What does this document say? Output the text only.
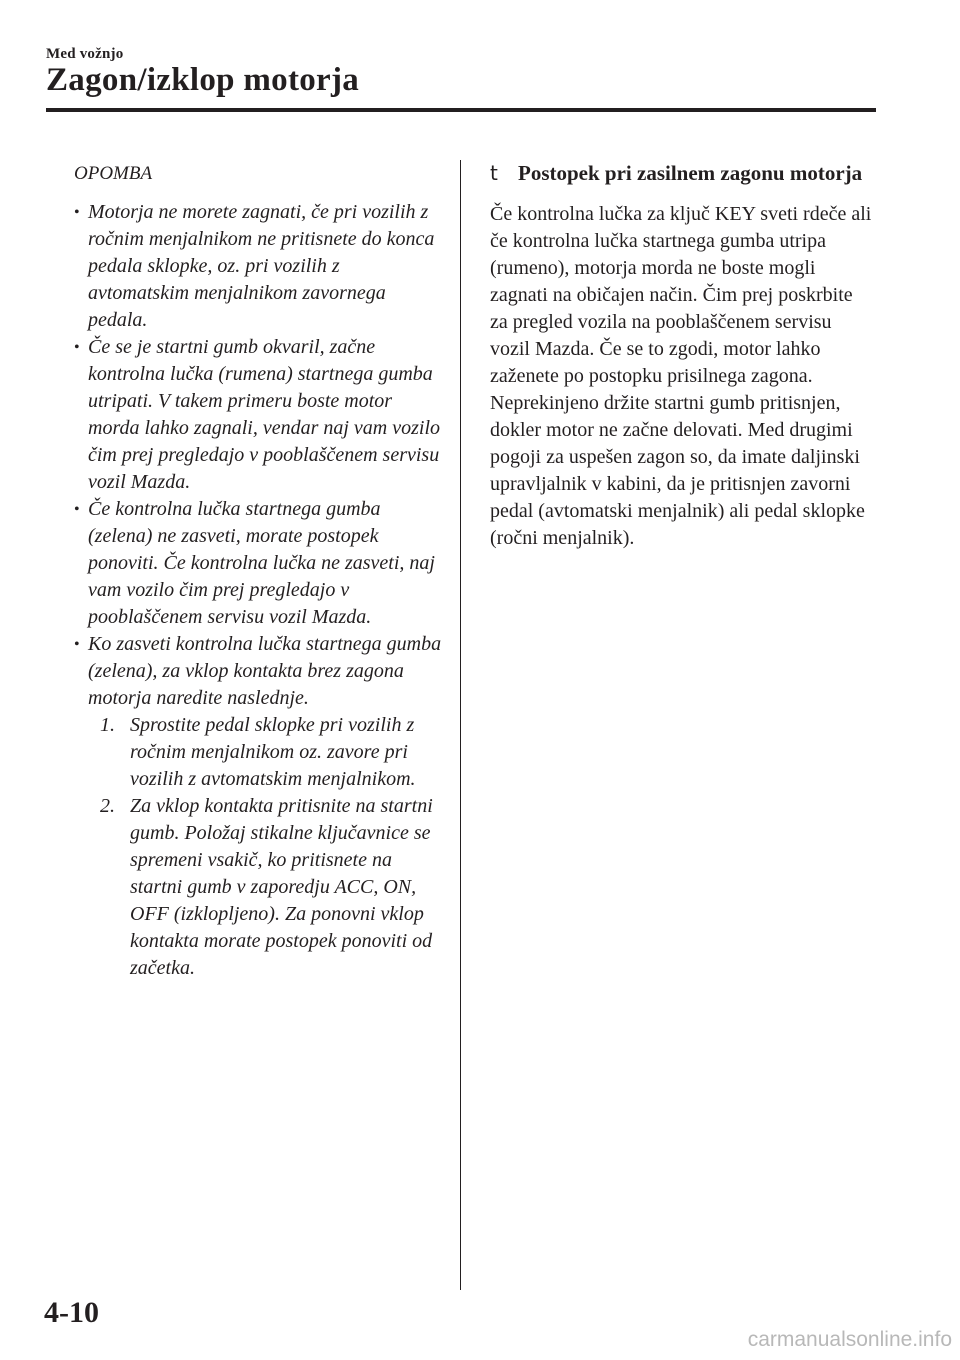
Med vožnjo
Zagon/izklop motorja
OPOMBA
• Motorja ne morete zagnati, če pri vozilih z ročnim menjalnikom ne pritisnete do konca pedala sklopke, oz. pri vozilih z avtomatskim menjalnikom zavornega pedala.
• Če se je startni gumb okvaril, začne kontrolna lučka (rumena) startnega gumba utripati. V takem primeru boste motor morda lahko zagnali, vendar naj vam vozilo čim prej pregledajo v pooblaščenem servisu vozil Mazda.
• Če kontrolna lučka startnega gumba (zelena) ne zasveti, morate postopek ponoviti. Če kontrolna lučka ne zasveti, naj vam vozilo čim prej pregledajo v pooblaščenem servisu vozil Mazda.
• Ko zasveti kontrolna lučka startnega gumba (zelena), za vklop kontakta brez zagona motorja naredite naslednje.
1. Sprostite pedal sklopke pri vozilih z ročnim menjalnikom oz. zavore pri vozilih z avtomatskim menjalnikom.
2. Za vklop kontakta pritisnite na startni gumb. Položaj stikalne ključavnice se spremeni vsakič, ko pritisnete na startni gumb v zaporedju ACC, ON, OFF (izklopljeno). Za ponovni vklop kontakta morate postopek ponoviti od začetka.
t Postopek pri zasilnem zagonu motorja
Če kontrolna lučka za ključ KEY sveti rdeče ali če kontrolna lučka startnega gumba utripa (rumeno), motorja morda ne boste mogli zagnati na običajen način. Čim prej poskrbite za pregled vozila na pooblaščenem servisu vozil Mazda. Če se to zgodi, motor lahko zaženete po postopku prisilnega zagona. Neprekinjeno držite startni gumb pritisnjen, dokler motor ne začne delovati. Med drugimi pogoji za uspešen zagon so, da imate daljinski upravljalnik v kabini, da je pritisnjen zavorni pedal (avtomatski menjalnik) ali pedal sklopke (ročni menjalnik).
4-10
carmanualsonline.info
